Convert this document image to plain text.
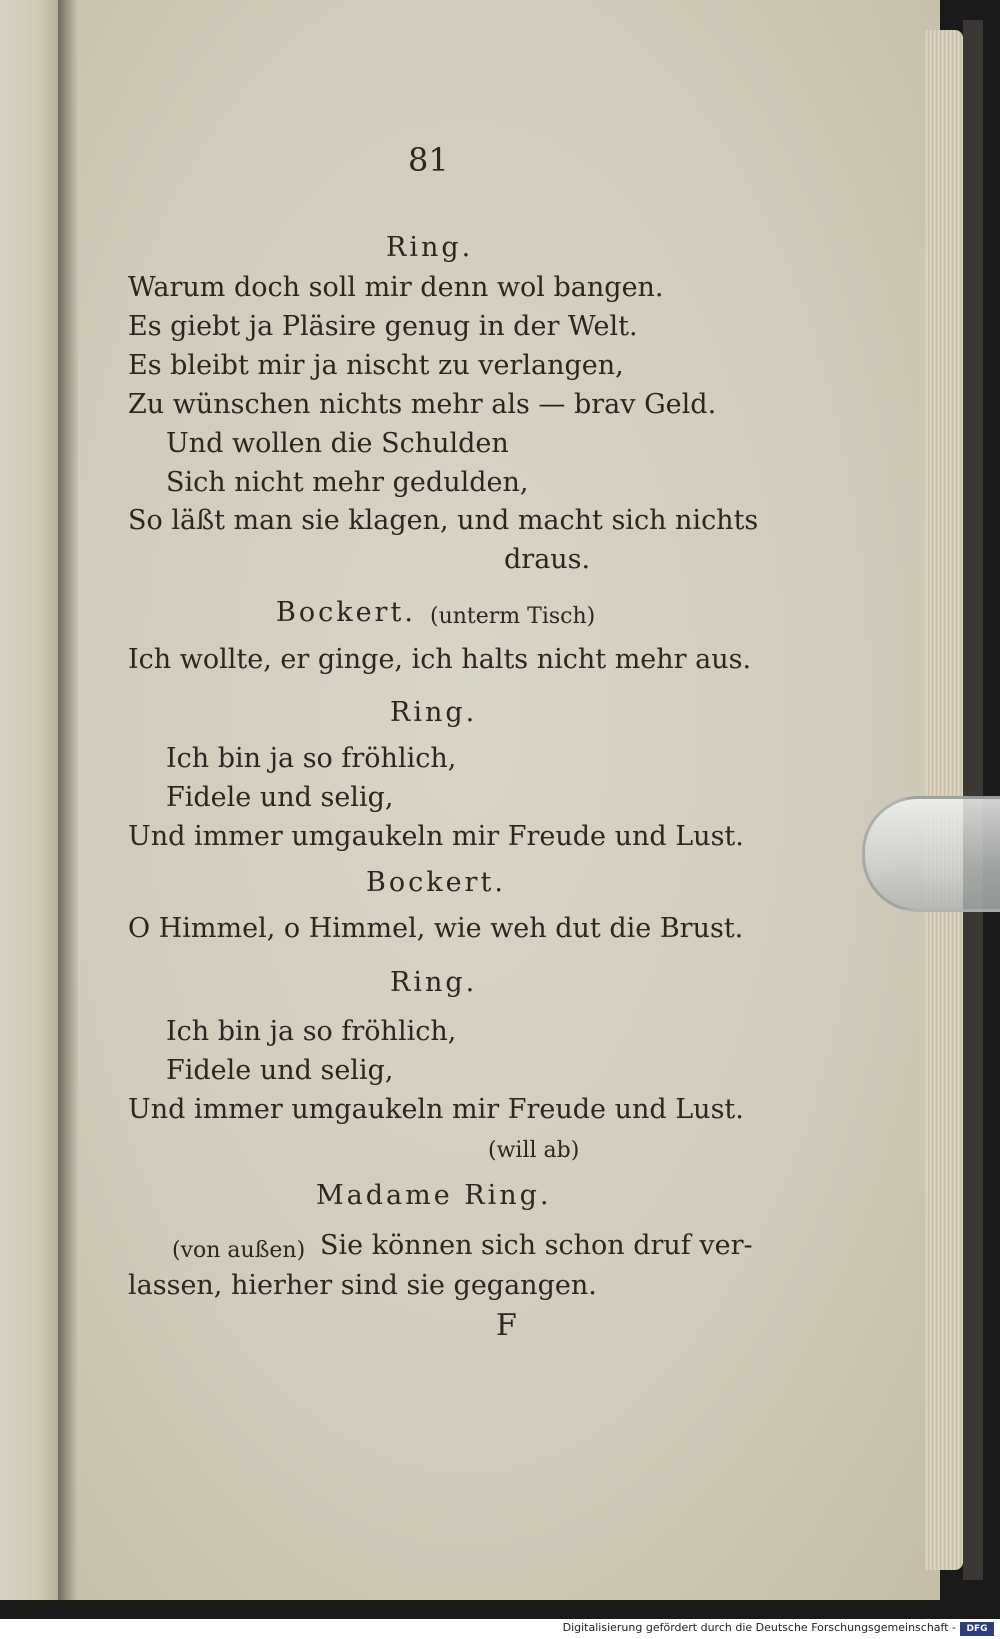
81
Ring.
Warum doch soll mir denn wol bangen.
Es giebt ja Pläsire genug in der Welt.
Es bleibt mir ja nischt zu verlangen,
Zu wünschen nichts mehr als — brav Geld.
Und wollen die Schulden
Sich nicht mehr gedulden,
So läßt man sie klagen, und macht sich nichts
draus.
Bockert. (unterm Tisch)
Ich wollte, er ginge, ich halts nicht mehr aus.
Ring.
Ich bin ja so fröhlich,
Fidele und selig,
Und immer umgaukeln mir Freude und Lust.
Bockert.
O Himmel, o Himmel, wie weh dut die Brust.
Ring.
Ich bin ja so fröhlich,
Fidele und selig,
Und immer umgaukeln mir Freude und Lust.
(will ab)
Madame Ring.
(von außen) Sie können sich schon druf ver-
lassen, hierher sind sie gegangen.
F
Digitalisierung gefördert durch die Deutsche Forschungsgemeinschaft -	DFG
